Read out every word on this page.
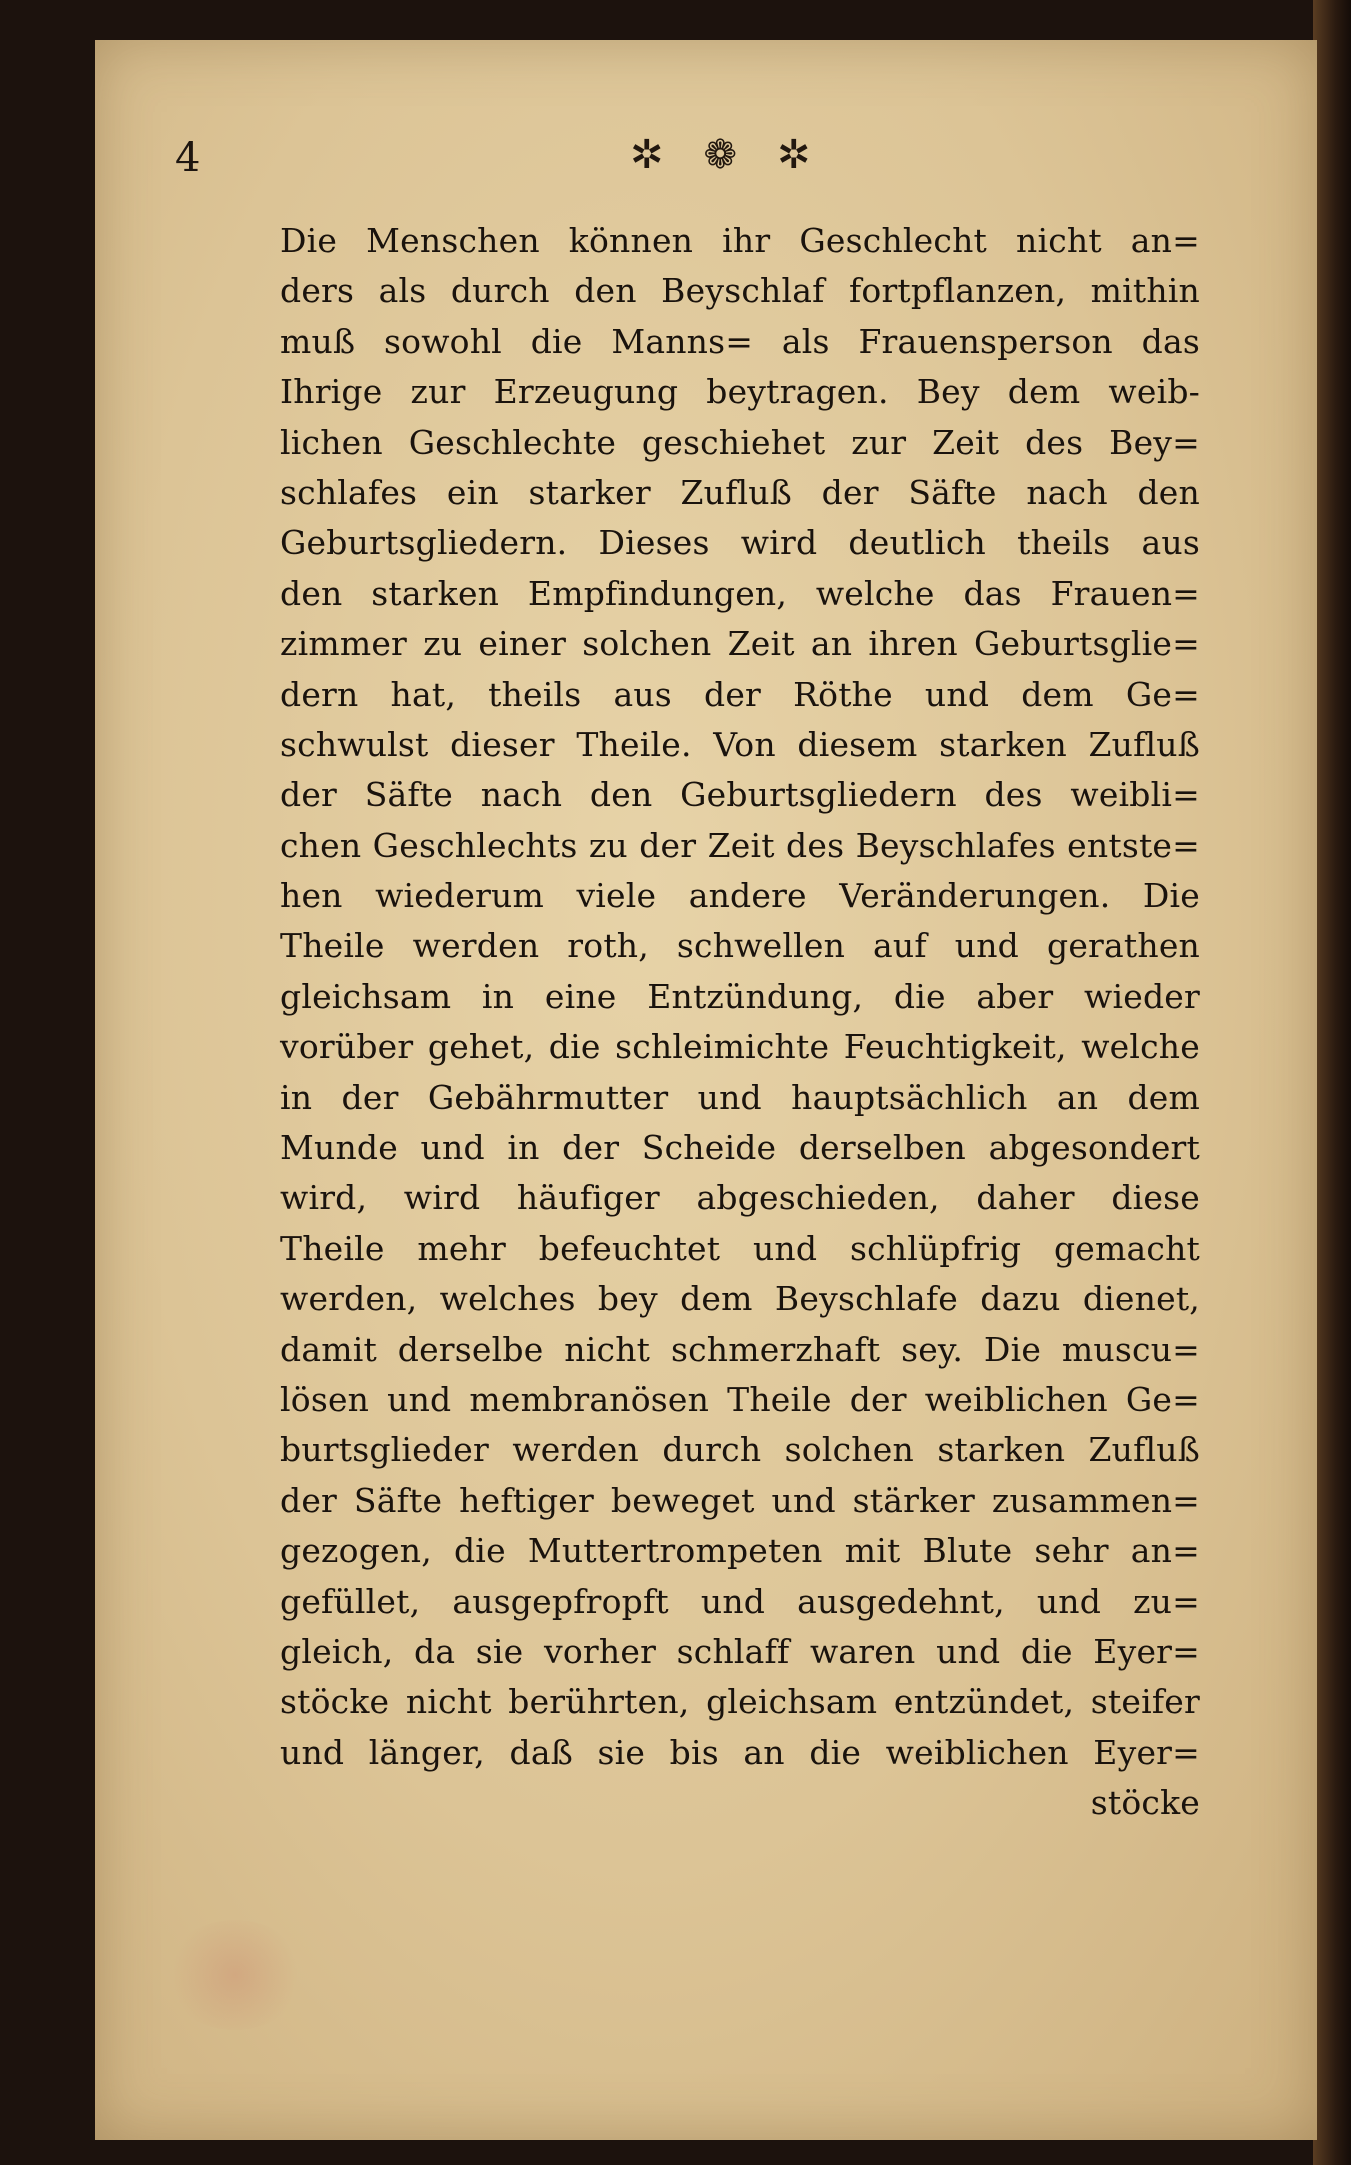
4	✲ ❁ ✲
Die Menschen können ihr Geschlecht nicht an=
ders als durch den Beyschlaf fortpflanzen, mithin
muß sowohl die Manns= als Frauensperson das
Ihrige zur Erzeugung beytragen. Bey dem weib-
lichen Geschlechte geschiehet zur Zeit des Bey=
schlafes ein starker Zufluß der Säfte nach den
Geburtsgliedern. Dieses wird deutlich theils aus
den starken Empfindungen, welche das Frauen=
zimmer zu einer solchen Zeit an ihren Geburtsglie=
dern hat, theils aus der Röthe und dem Ge=
schwulst dieser Theile. Von diesem starken Zufluß
der Säfte nach den Geburtsgliedern des weibli=
chen Geschlechts zu der Zeit des Beyschlafes entste=
hen wiederum viele andere Veränderungen. Die
Theile werden roth, schwellen auf und gerathen
gleichsam in eine Entzündung, die aber wieder
vorüber gehet, die schleimichte Feuchtigkeit, welche
in der Gebährmutter und hauptsächlich an dem
Munde und in der Scheide derselben abgesondert
wird, wird häufiger abgeschieden, daher diese
Theile mehr befeuchtet und schlüpfrig gemacht
werden, welches bey dem Beyschlafe dazu dienet,
damit derselbe nicht schmerzhaft sey. Die muscu=
lösen und membranösen Theile der weiblichen Ge=
burtsglieder werden durch solchen starken Zufluß
der Säfte heftiger beweget und stärker zusammen=
gezogen, die Muttertrompeten mit Blute sehr an=
gefüllet, ausgepfropft und ausgedehnt, und zu=
gleich, da sie vorher schlaff waren und die Eyer=
stöcke nicht berührten, gleichsam entzündet, steifer
und länger, daß sie bis an die weiblichen Eyer=
stöcke
